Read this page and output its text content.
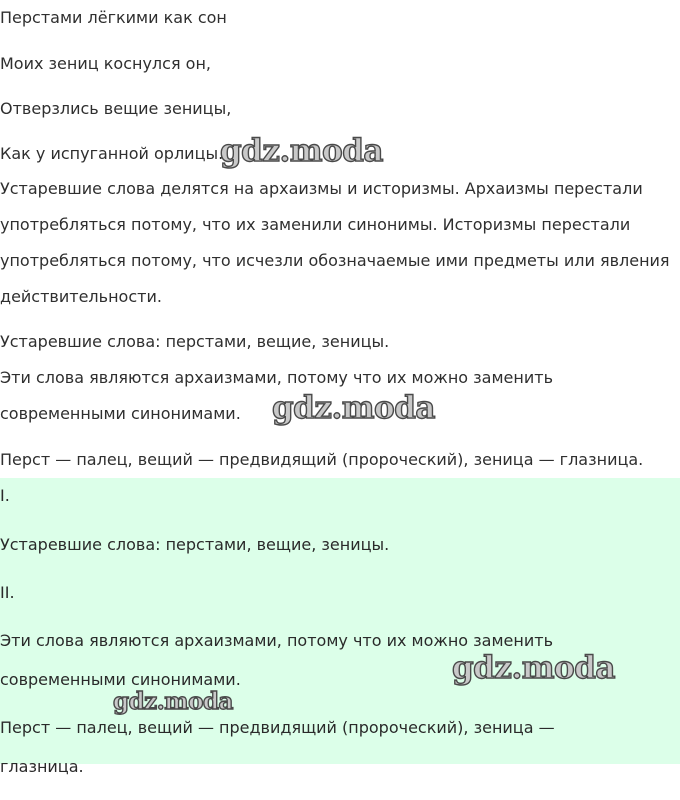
Перстами лёгкими как сон

Моих зениц коснулся он,

Отверзлись вещие зеницы,

Как у испуганной орлицы.

Устаревшие слова делятся на архаизмы и историзмы. Архаизмы перестали

употребляться потому, что их заменили синонимы. Историзмы перестали

употребляться потому, что исчезли обозначаемые ими предметы или явления

действительности.

Устаревшие слова: перстами, вещие, зеницы.

Эти слова являются архаизмами, потому что их можно заменить

современными синонимами.

Перст — палец, вещий — предвидящий (пророческий), зеница — глазница.

I.

Устаревшие слова: перстами, вещие, зеницы.

II.

Эти слова являются архаизмами, потому что их можно заменить

современными синонимами.

Перст — палец, вещий — предвидящий (пророческий), зеница —

глазница.

gdz.moda
gdz.moda
gdz.moda
gdz.moda
